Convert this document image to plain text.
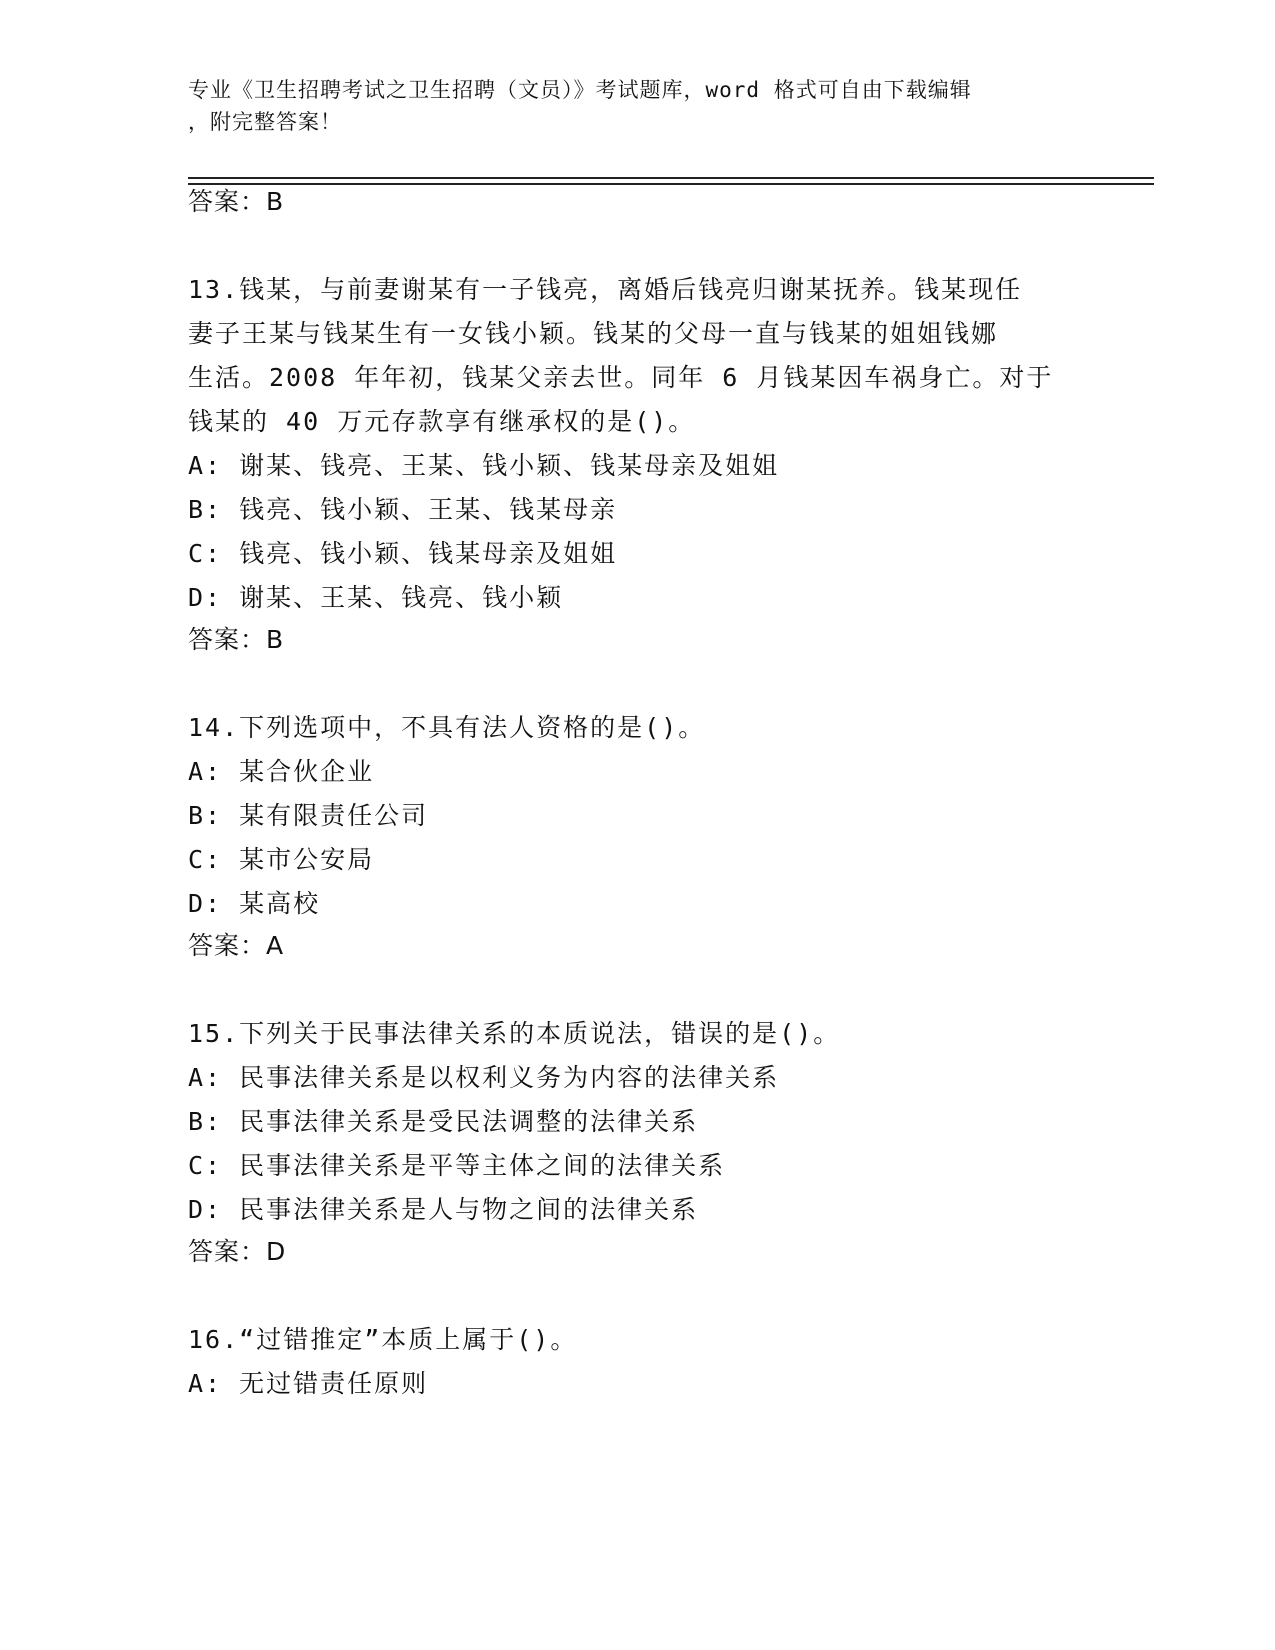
专业《卫生招聘考试之卫生招聘（文员）》考试题库，word 格式可自由下载编辑
，附完整答案！
答案：B
13.钱某，与前妻谢某有一子钱亮，离婚后钱亮归谢某抚养。钱某现任
妻子王某与钱某生有一女钱小颖。钱某的父母一直与钱某的姐姐钱娜
生活。2008 年年初，钱某父亲去世。同年 6 月钱某因车祸身亡。对于
钱某的 40 万元存款享有继承权的是()。
A: 谢某、钱亮、王某、钱小颖、钱某母亲及姐姐
B: 钱亮、钱小颖、王某、钱某母亲
C: 钱亮、钱小颖、钱某母亲及姐姐
D: 谢某、王某、钱亮、钱小颖
答案：B
14.下列选项中，不具有法人资格的是()。
A: 某合伙企业
B: 某有限责任公司
C: 某市公安局
D: 某高校
答案：A
15.下列关于民事法律关系的本质说法，错误的是()。
A: 民事法律关系是以权利义务为内容的法律关系
B: 民事法律关系是受民法调整的法律关系
C: 民事法律关系是平等主体之间的法律关系
D: 民事法律关系是人与物之间的法律关系
答案：D
16.“过错推定”本质上属于()。
A: 无过错责任原则
